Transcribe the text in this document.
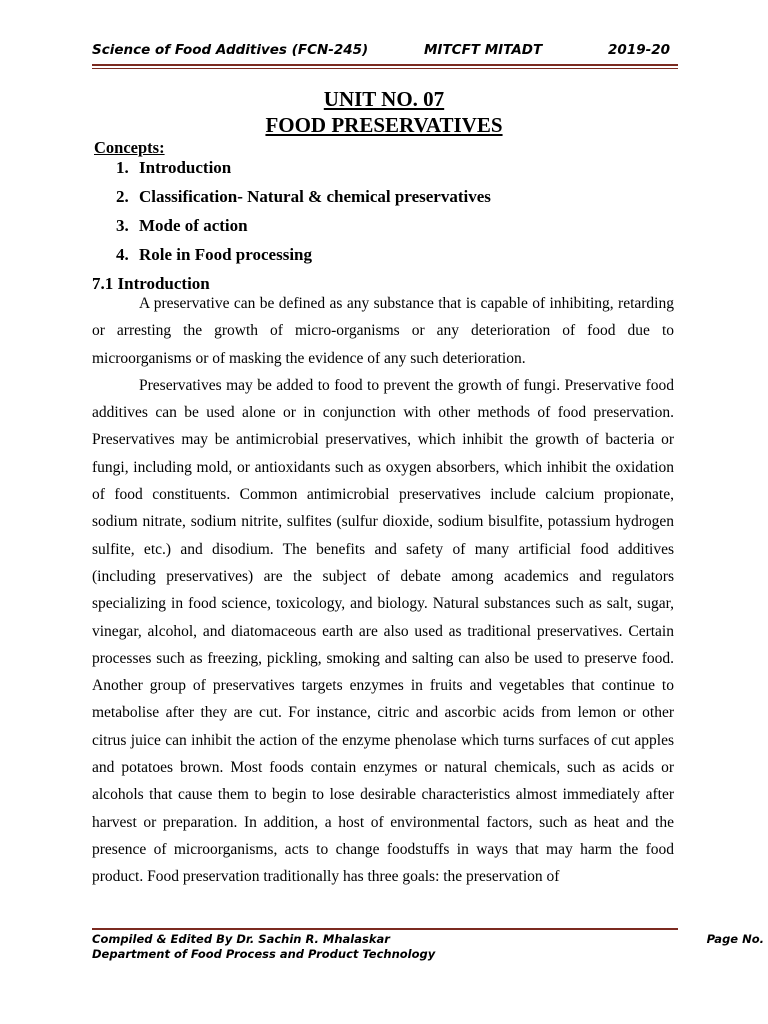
Science of Food Additives (FCN-245)	MITCFT MITADT	2019-20
UNIT NO. 07
FOOD PRESERVATIVES
Concepts:
1. Introduction
2. Classification- Natural & chemical preservatives
3. Mode of action
4. Role in Food processing
7.1 Introduction

A preservative can be defined as any substance that is capable of inhibiting, retarding or arresting the growth of micro-organisms or any deterioration of food due to microorganisms or of masking the evidence of any such deterioration.

Preservatives may be added to food to prevent the growth of fungi. Preservative food additives can be used alone or in conjunction with other methods of food preservation. Preservatives may be antimicrobial preservatives, which inhibit the growth of bacteria or fungi, including mold, or antioxidants such as oxygen absorbers, which inhibit the oxidation of food constituents. Common antimicrobial preservatives include calcium propionate, sodium nitrate, sodium nitrite, sulfites (sulfur dioxide, sodium bisulfite, potassium hydrogen sulfite, etc.) and disodium. The benefits and safety of many artificial food additives (including preservatives) are the subject of debate among academics and regulators specializing in food science, toxicology, and biology. Natural substances such as salt, sugar, vinegar, alcohol, and diatomaceous earth are also used as traditional preservatives. Certain processes such as freezing, pickling, smoking and salting can also be used to preserve food. Another group of preservatives targets enzymes in fruits and vegetables that continue to metabolise after they are cut. For instance, citric and ascorbic acids from lemon or other citrus juice can inhibit the action of the enzyme phenolase which turns surfaces of cut apples and potatoes brown. Most foods contain enzymes or natural chemicals, such as acids or alcohols that cause them to begin to lose desirable characteristics almost immediately after harvest or preparation. In addition, a host of environmental factors, such as heat and the presence of microorganisms, acts to change foodstuffs in ways that may harm the food product. Food preservation traditionally has three goals: the preservation of

Compiled & Edited By Dr. Sachin R. Mhalaskar
Department of Food Process and Product Technology
Page No.
